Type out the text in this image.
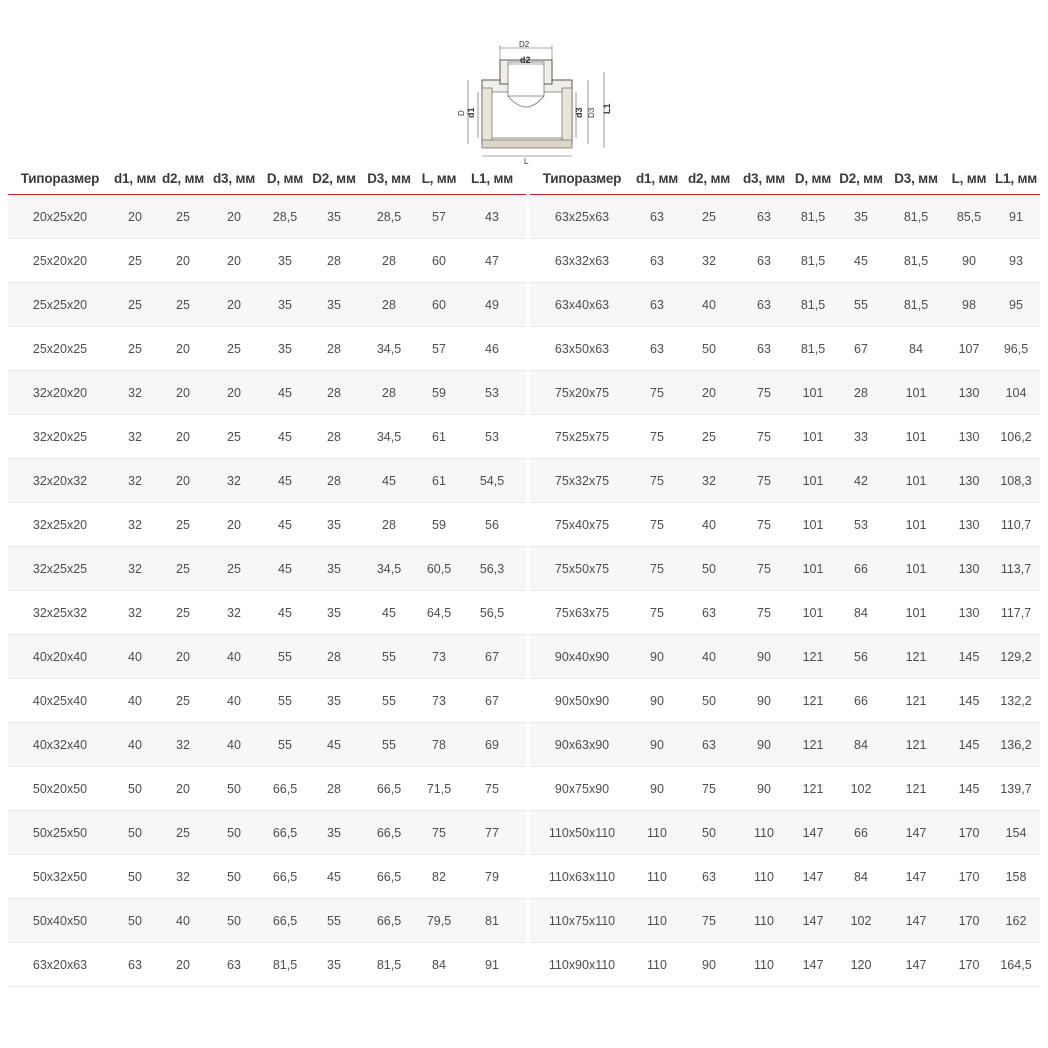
D2
d2
D d1	d3 D3 L1
L
Типоразмер	d1, мм	d2, мм	d3, мм	D, мм	D2, мм	D3, мм	L, мм	L1, мм

20x25x20	20	25	20	28,5	35	28,5	57	43
25x20x20	25	20	20	35	28	28	60	47
25x25x20	25	25	20	35	35	28	60	49
25x20x25	25	20	25	35	28	34,5	57	46
32x20x20	32	20	20	45	28	28	59	53
32x20x25	32	20	25	45	28	34,5	61	53
32x20x32	32	20	32	45	28	45	61	54,5
32x25x20	32	25	20	45	35	28	59	56
32x25x25	32	25	25	45	35	34,5	60,5	56,3
32x25x32	32	25	32	45	35	45	64,5	56,5
40x20x40	40	20	40	55	28	55	73	67
40x25x40	40	25	40	55	35	55	73	67
40x32x40	40	32	40	55	45	55	78	69
50x20x50	50	20	50	66,5	28	66,5	71,5	75
50x25x50	50	25	50	66,5	35	66,5	75	77
50x32x50	50	32	50	66,5	45	66,5	82	79
50x40x50	50	40	50	66,5	55	66,5	79,5	81
63x20x63	63	20	63	81,5	35	81,5	84	91
Типоразмер	d1, мм	d2, мм	d3, мм	D, мм	D2, мм	D3, мм	L, мм	L1, мм

63x25x63	63	25	63	81,5	35	81,5	85,5	91
63x32x63	63	32	63	81,5	45	81,5	90	93
63x40x63	63	40	63	81,5	55	81,5	98	95
63x50x63	63	50	63	81,5	67	84	107	96,5
75x20x75	75	20	75	101	28	101	130	104
75x25x75	75	25	75	101	33	101	130	106,2
75x32x75	75	32	75	101	42	101	130	108,3
75x40x75	75	40	75	101	53	101	130	110,7
75x50x75	75	50	75	101	66	101	130	113,7
75x63x75	75	63	75	101	84	101	130	117,7
90x40x90	90	40	90	121	56	121	145	129,2
90x50x90	90	50	90	121	66	121	145	132,2
90x63x90	90	63	90	121	84	121	145	136,2
90x75x90	90	75	90	121	102	121	145	139,7
110x50x110	110	50	110	147	66	147	170	154
110x63x110	110	63	110	147	84	147	170	158
110x75x110	110	75	110	147	102	147	170	162
110x90x110	110	90	110	147	120	147	170	164,5
